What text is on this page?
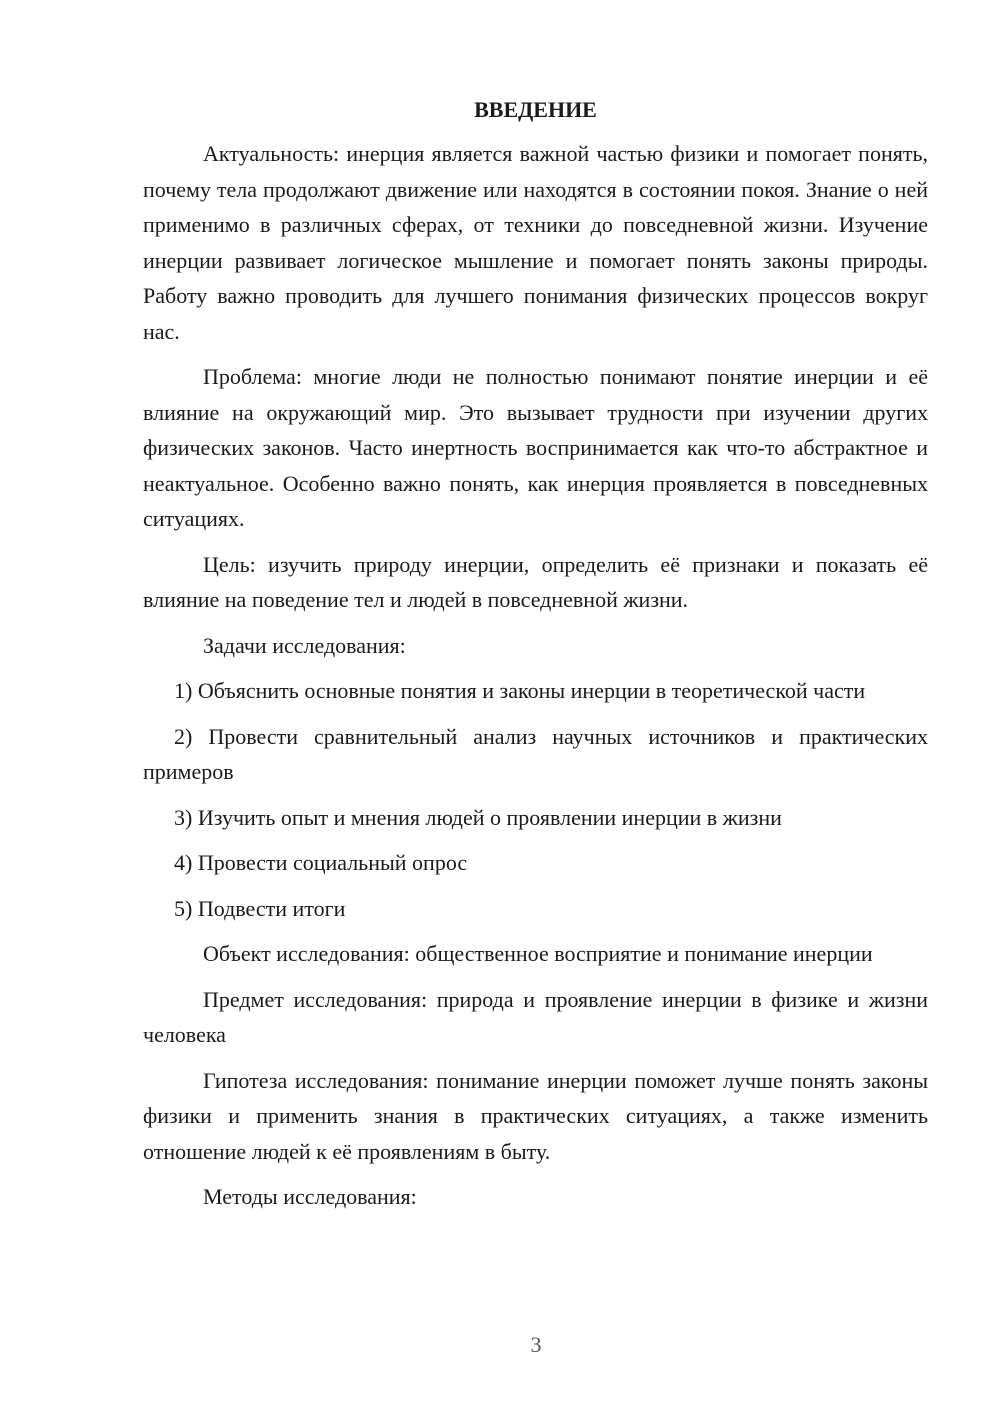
ВВЕДЕНИЕ

Актуальность: инерция является важной частью физики и помогает понять, почему тела продолжают движение или находятся в состоянии покоя. Знание о ней применимо в различных сферах, от техники до повседневной жизни. Изучение инерции развивает логическое мышление и помогает понять законы природы. Работу важно проводить для лучшего понимания физических процессов вокруг нас.

Проблема: многие люди не полностью понимают понятие инерции и её влияние на окружающий мир. Это вызывает трудности при изучении других физических законов. Часто инертность воспринимается как что-то абстрактное и неактуальное. Особенно важно понять, как инерция проявляется в повседневных ситуациях.

Цель: изучить природу инерции, определить её признаки и показать её влияние на поведение тел и людей в повседневной жизни.

Задачи исследования:

1) Объяснить основные понятия и законы инерции в теоретической части

2) Провести сравнительный анализ научных источников и практических примеров

3) Изучить опыт и мнения людей о проявлении инерции в жизни

4) Провести социальный опрос

5) Подвести итоги

Объект исследования: общественное восприятие и понимание инерции

Предмет исследования: природа и проявление инерции в физике и жизни человека

Гипотеза исследования: понимание инерции поможет лучше понять законы физики и применить знания в практических ситуациях, а также изменить отношение людей к её проявлениям в быту.

Методы исследования:

3
